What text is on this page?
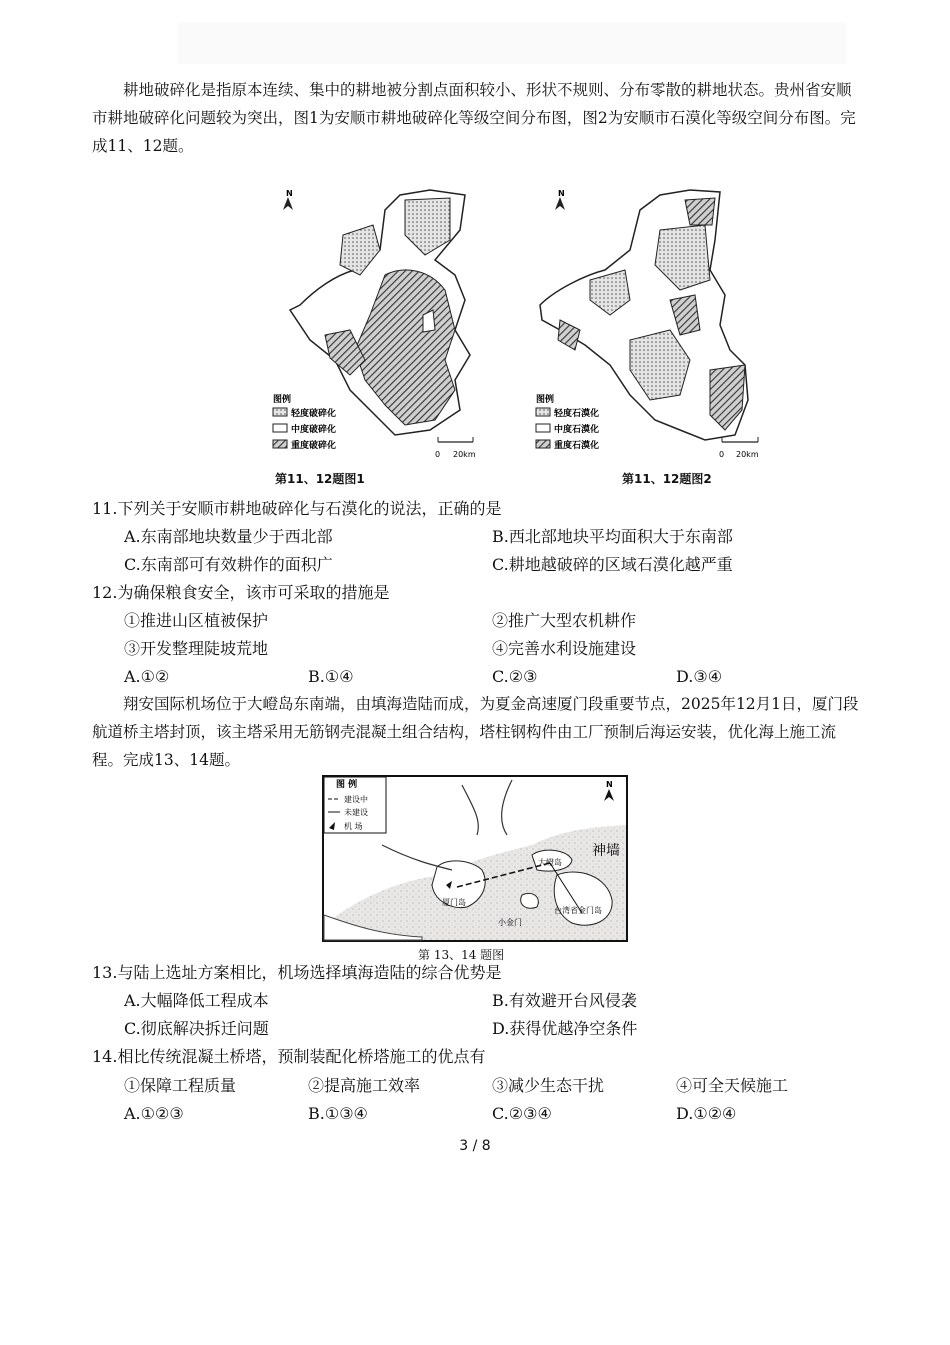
耕地破碎化是指原本连续、集中的耕地被分割点面积较小、形状不规则、分布零散的耕地状态。贵州省安顺市耕地破碎化问题较为突出，图1为安顺市耕地破碎化等级空间分布图，图2为安顺市石漠化等级空间分布图。完成11、12题。

N
图例
轻度破碎化
中度破碎化
重度破碎化
0 20km
第11、12题图1
N
图例
轻度石漠化
中度石漠化
重度石漠化
0 20km
第11、12题图2
11.下列关于安顺市耕地破碎化与石漠化的说法，正确的是
A.东南部地块数量少于西北部	B.西北部地块平均面积大于东南部
C.东南部可有效耕作的面积广	C.耕地越破碎的区域石漠化越严重
12.为确保粮食安全，该市可采取的措施是
①推进山区植被保护	②推广大型农机耕作
③开发整理陡坡荒地	④完善水利设施建设
A.①②	B.①④	C.②③	D.③④

翔安国际机场位于大嶝岛东南端，由填海造陆而成，为夏金高速厦门段重要节点，2025年12月1日，厦门段航道桥主塔封顶，该主塔采用无筋钢壳混凝土组合结构，塔柱钢构件由工厂预制后海运安装，优化海上施工流程。完成13、14题。

图 例
建设中
未建设
机 场
N
神墙
大嶝岛
厦门岛
小金门
台湾省金门岛
第 13、14 题图
13.与陆上选址方案相比，机场选择填海造陆的综合优势是
A.大幅降低工程成本	B.有效避开台风侵袭
C.彻底解决拆迁问题	D.获得优越净空条件
14.相比传统混凝土桥塔，预制装配化桥塔施工的优点有
①保障工程质量	②提高施工效率	③减少生态干扰	④可全天候施工
A.①②③	B.①③④	C.②③④	D.①②④
3 / 8
